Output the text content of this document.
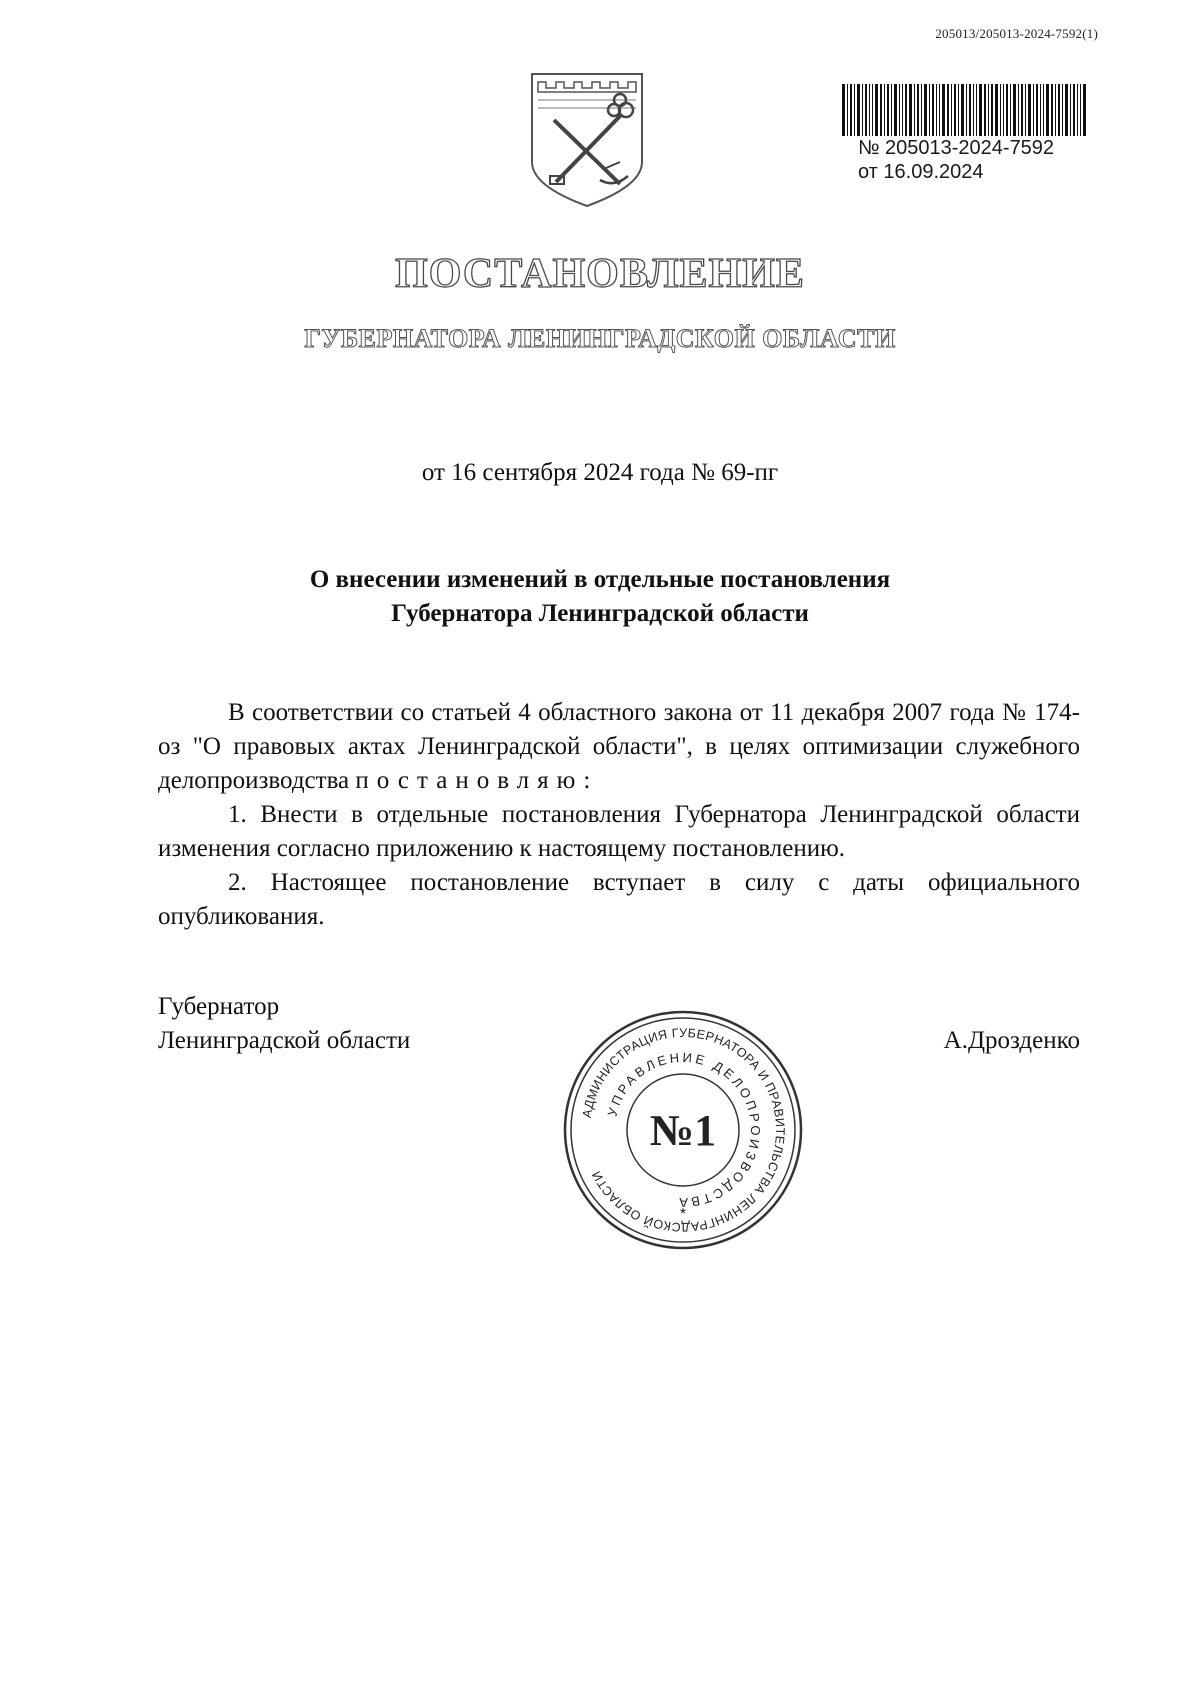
205013/205013-2024-7592(1)
№ 205013-2024-7592
от 16.09.2024
ПОСТАНОВЛЕНИЕ
ГУБЕРНАТОРА ЛЕНИНГРАДСКОЙ ОБЛАСТИ
от 16 сентября 2024 года № 69-пг
О внесении изменений в отдельные постановления
Губернатора Ленинградской области

В соответствии со статьей 4 областного закона от 11 декабря 2007 года № 174-оз "О правовых актах Ленинградской области", в целях оптимизации служебного делопроизводства постановляю:

1. Внести в отдельные постановления Губернатора Ленинградской области изменения согласно приложению к настоящему постановлению.

2. Настоящее постановление вступает в силу с даты официального опубликования.

Губернатор
Ленинградской области	А.Дрозденко
АДМИНИСТРАЦИЯ ГУБЕРНАТОРА И ПРАВИТЕЛЬСТВА ЛЕНИНГРАДСКОЙ ОБЛАСТИ
УПРАВЛЕНИЕ ДЕЛОПРОИЗВОДСТВА
№1
*
